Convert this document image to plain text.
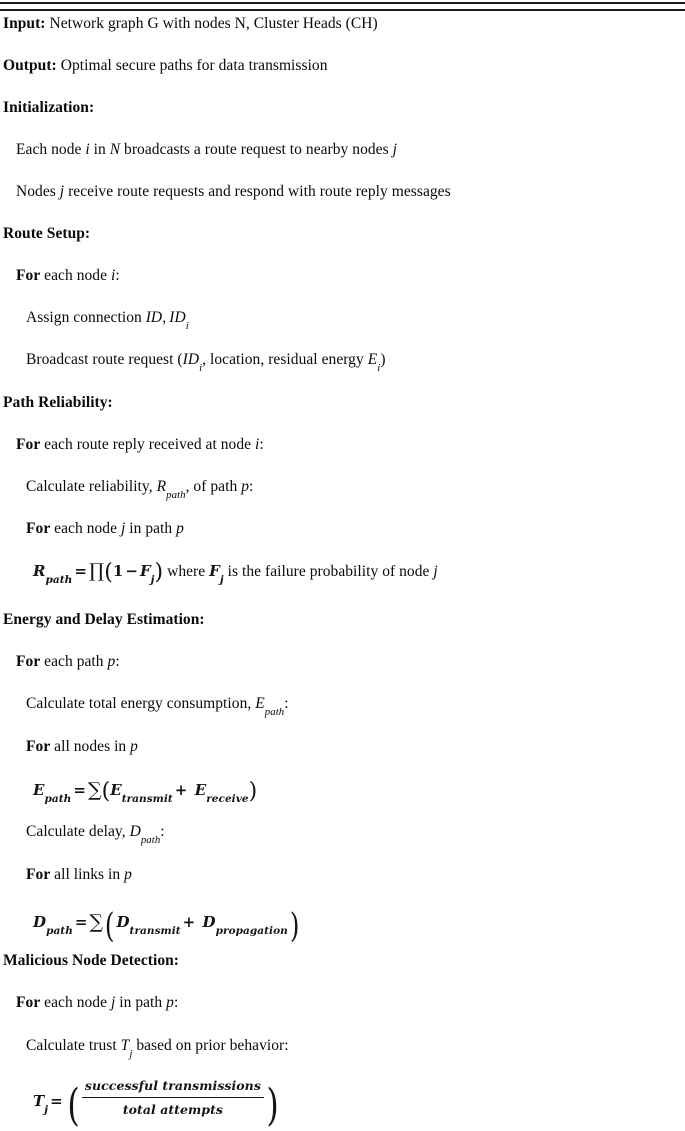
Input: Network graph G with nodes N, Cluster Heads (CH)
Output: Optimal secure paths for data transmission
Initialization:
Each node i in N broadcasts a route request to nearby nodes j
Nodes j receive route requests and respond with route reply messages
Route Setup:
For each node i:
Assign connection ID,  $ID_i$
Broadcast route request ($ID_i$, location, residual energy $E_i$)
Path Reliability:
For each route reply received at node i:
Calculate reliability, $R_{path}$, of path p:
For each node j in path p
$R_{path}$ = ∏(1 − $F_j$) where $F_j$ is the failure probability of node j
Energy and Delay Estimation:
For each path p:
Calculate total energy consumption, $E_{path}$:
For all nodes in p
$E_{path} = \sum(E_{transmit} + E_{receive})$
Calculate delay, $D_{path}$:
For all links in p
$D_{path}$ = ∑( $D_{transmit} + D_{propagation}$)
Malicious Node Detection:
For each node j in path p:
Calculate trust $T_j$ based on prior behavior:
$T_j$ = ( $\frac{\text{successful transmissions}}{\text{total attempts}}$ )
